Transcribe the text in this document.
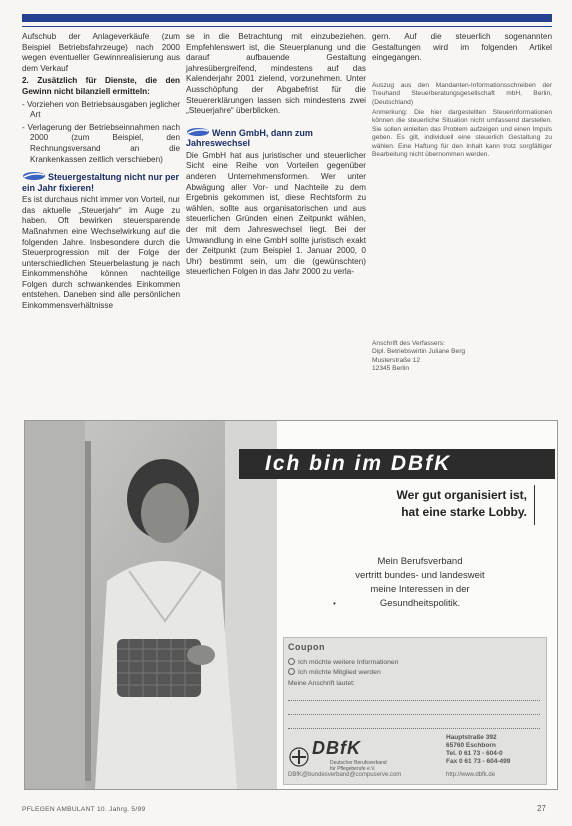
Aufschub der Anlageverkäufe (zum Beispiel Betriebsfahrzeuge) nach 2000 wegen eventueller Gewinnrealisierung aus dem Verkauf

2. Zusätzlich für Dienste, die den Gewinn nicht bilanziell ermitteln:

- Vorziehen von Betriebsausgaben jeglicher Art

- Verlagerung der Betriebseinnahmen nach 2000 (zum Beispiel, den Rechnungsversand an die Krankenkassen zeitlich verschieben)

Steuergestaltung nicht nur per ein Jahr fixieren!

Es ist durchaus nicht immer von Vorteil, nur das aktuelle „Steuerjahr“ im Auge zu haben. Oft bewirken steuersparende Maßnahmen eine Wechselwirkung auf die folgenden Jahre. Insbesondere durch die Steuerprogression mit der Folge der unterschiedlichen Steuerbelastung je nach Einkommenshöhe können nachteilige Folgen durch schwankendes Einkommen entstehen. Daneben sind alle persönlichen Einkommensverhältnisse

se in die Betrachtung mit einzubeziehen. Empfehlenswert ist, die Steuerplanung und die darauf aufbauende Gestaltung jahresübergreifend, mindestens auf das Kalenderjahr 2001 zielend, vorzunehmen. Unter Ausschöpfung der Abgabefrist für die Steuererklärungen lassen sich mindestens zwei „Steuerjahre“ überblicken.

Wenn GmbH, dann zum
Jahreswechsel

Die GmbH hat aus juristischer und steuerlicher Sicht eine Reihe von Vorteilen gegenüber anderen Unternehmensformen. Wer unter Abwägung aller Vor- und Nachteile zu dem Ergebnis gekommen ist, diese Rechtsform zu wählen, sollte aus organisatorischen und aus steuerlichen Gründen einen Zeitpunkt wählen, der mit dem Jahreswechsel liegt. Bei der Umwandlung in eine GmbH sollte juristisch exakt der Zeitpunkt (zum Beispiel 1. Januar 2000, 0 Uhr) bestimmt sein, um die (gewünschten) steuerlichen Folgen in das Jahr 2000 zu verla-

gern. Auf die steuerlich sogenannten Gestaltungen wird im folgenden Artikel eingegangen.

Auszug aus den Mandanten-Informationsschreiben der Treuhand Steuerberatungsgesellschaft mbH, Berlin, (Deutschland)

Anmerkung: Die hier dargestellten Steuerinformationen können die steuerliche Situation nicht umfassend darstellen. Sie sollen einleiten das Problem aufzeigen und einen Impuls geben. Es gilt, individuell eine steuerlich Gestaltung zu wählen. Eine Haftung für den Inhalt kann trotz sorgfältiger Bearbeitung nicht übernommen werden.

Anschrift des Verfassers:
Dipl. Betriebswirtin Juliane Berg
Musterstraße 12
12345 Berlin
Ich bin im DBfK
Wer gut organisiert ist,
hat eine starke Lobby.
Mein Berufsverband
vertritt bundes- und landesweit
meine Interessen in der
Gesundheitspolitik.
•
Coupon
Ich möchte weitere Informationen
Ich möchte Mitglied werden
Meine Anschrift lautet:
DBfK
Deutscher Berufsverband
für Pflegeberufe e.V.
Hauptstraße 392
65760 Eschborn
Tel. 0 61 73 - 604-0
Fax 0 61 73 - 604-499
DBfK@bundesverband@compuserve.com	http://www.dbfk.de
PFLEGEN AMBULANT 10. Jahrg. 5/99	27
